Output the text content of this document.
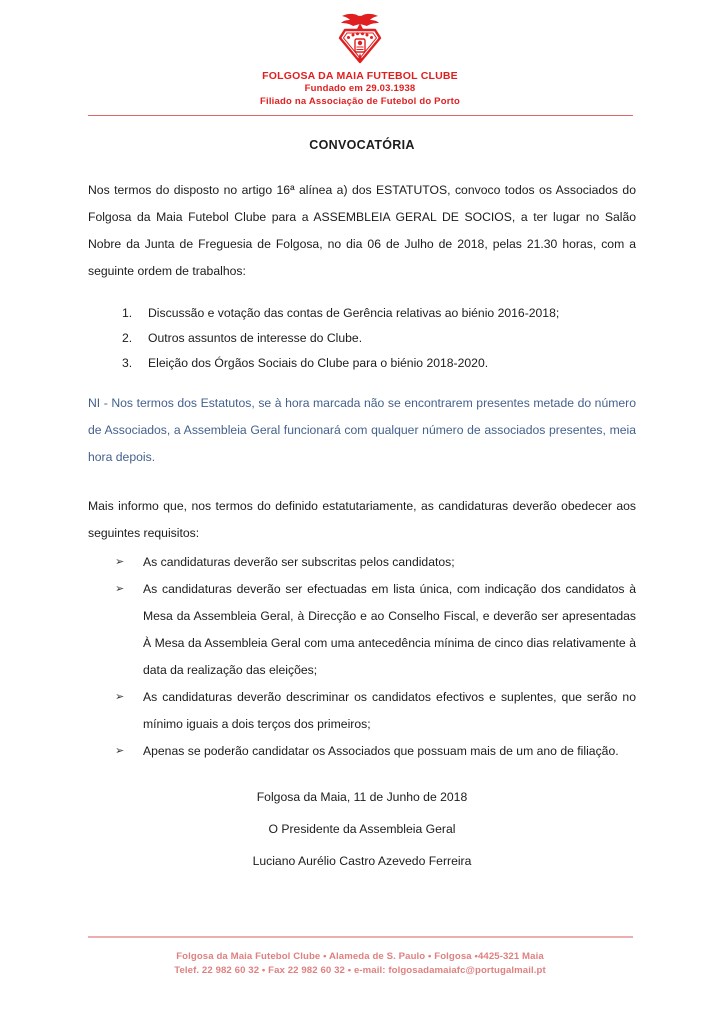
FOLGOSA DA MAIA FUTEBOL CLUBE
Fundado em 29.03.1938
Filiado na Associação de Futebol do Porto
CONVOCATÓRIA

Nos termos do disposto no artigo 16ª alínea a) dos ESTATUTOS, convoco todos os Associados do Folgosa da Maia Futebol Clube para a ASSEMBLEIA GERAL DE SOCIOS, a ter lugar no Salão Nobre da Junta de Freguesia de Folgosa, no dia 06 de Julho de 2018, pelas 21.30 horas, com a seguinte ordem de trabalhos:

Discussão e votação das contas de Gerência relativas ao biénio 2016-2018;
Outros assuntos de interesse do Clube.
Eleição dos Órgãos Sociais do Clube para o biénio 2018-2020.

NI - Nos termos dos Estatutos, se à hora marcada não se encontrarem presentes metade do número de Associados, a Assembleia Geral funcionará com qualquer número de associados presentes, meia hora depois.

Mais informo que, nos termos do definido estatutariamente, as candidaturas deverão obedecer aos seguintes requisitos:

➢ As candidaturas deverão ser subscritas pelos candidatos;
➢ As candidaturas deverão ser efectuadas em lista única, com indicação dos candidatos à Mesa da Assembleia Geral, à Direcção e ao Conselho Fiscal, e deverão ser apresentadas À Mesa da Assembleia Geral com uma antecedência mínima de cinco dias relativamente à data da realização das eleições;
➢ As candidaturas deverão descriminar os candidatos efectivos e suplentes, que serão no mínimo iguais a dois terços dos primeiros;
➢ Apenas se poderão candidatar os Associados que possuam mais de um ano de filiação.
Folgosa da Maia, 11 de Junho de 2018
O Presidente da Assembleia Geral
Luciano Aurélio Castro Azevedo Ferreira
Folgosa da Maia Futebol Clube • Alameda de S. Paulo • Folgosa •4425-321 Maia
Telef. 22 982 60 32 • Fax 22 982 60 32 • e-mail: folgosadamaiafc@portugalmail.pt
